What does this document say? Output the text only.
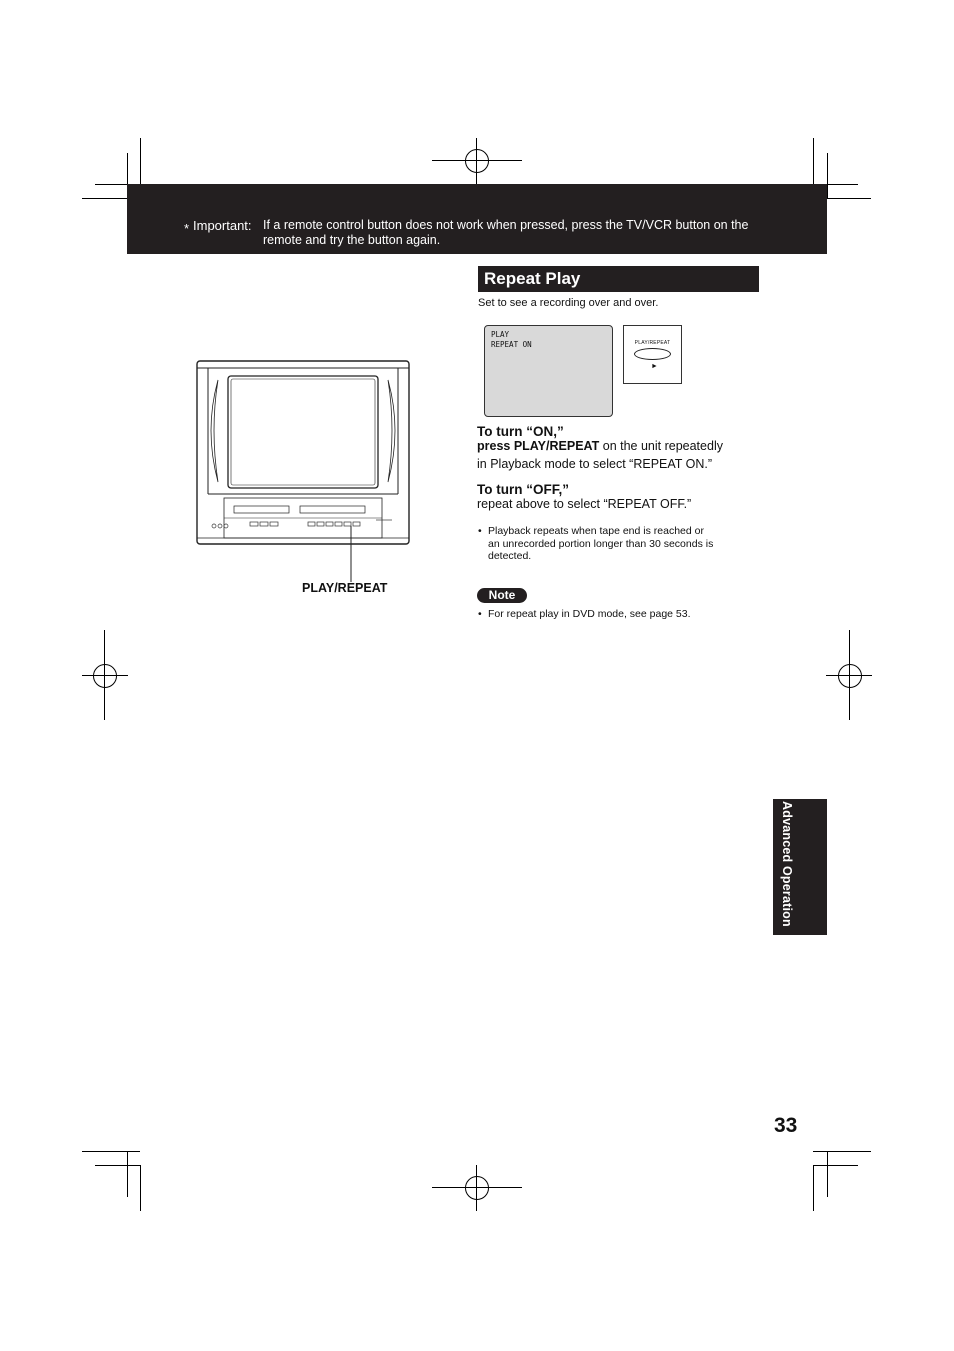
* Important: If a remote control button does not work when pressed, press the TV/VCR button on the
remote and try the button again.
PLAY/REPEAT
Repeat Play
Set to see a recording over and over.
PLAY
REPEAT ON	PLAY/REPEAT
►
To turn “ON,”
press PLAY/REPEAT on the unit repeatedly
in Playback mode to select “REPEAT ON.”
To turn “OFF,”
repeat above to select “REPEAT OFF.”
• Playback repeats when tape end is reached or
an unrecorded portion longer than 30 seconds is
detected.
Note
• For repeat play in DVD mode, see page 53.
Advanced Operation
33
